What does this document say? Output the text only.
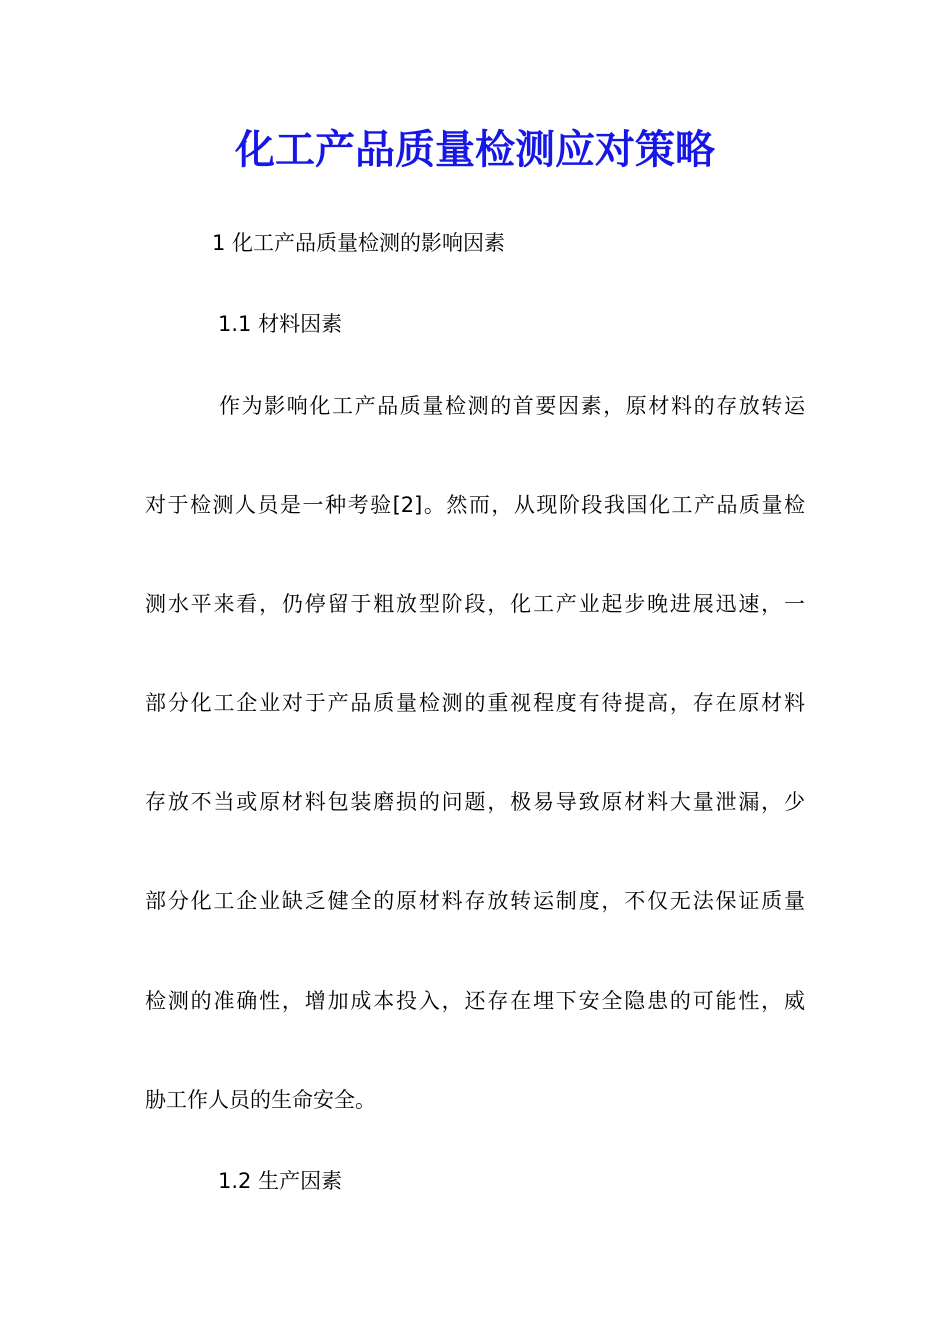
化工产品质量检测应对策略

1 化工产品质量检测的影响因素

1.1 材料因素

作为影响化工产品质量检测的首要因素，原材料的存放转运

对于检测人员是一种考验[2]。然而，从现阶段我国化工产品质量检

测水平来看，仍停留于粗放型阶段，化工产业起步晚进展迅速，一

部分化工企业对于产品质量检测的重视程度有待提高，存在原材料

存放不当或原材料包装磨损的问题，极易导致原材料大量泄漏，少

部分化工企业缺乏健全的原材料存放转运制度，不仅无法保证质量

检测的准确性，增加成本投入，还存在埋下安全隐患的可能性，威

胁工作人员的生命安全。

1.2 生产因素
